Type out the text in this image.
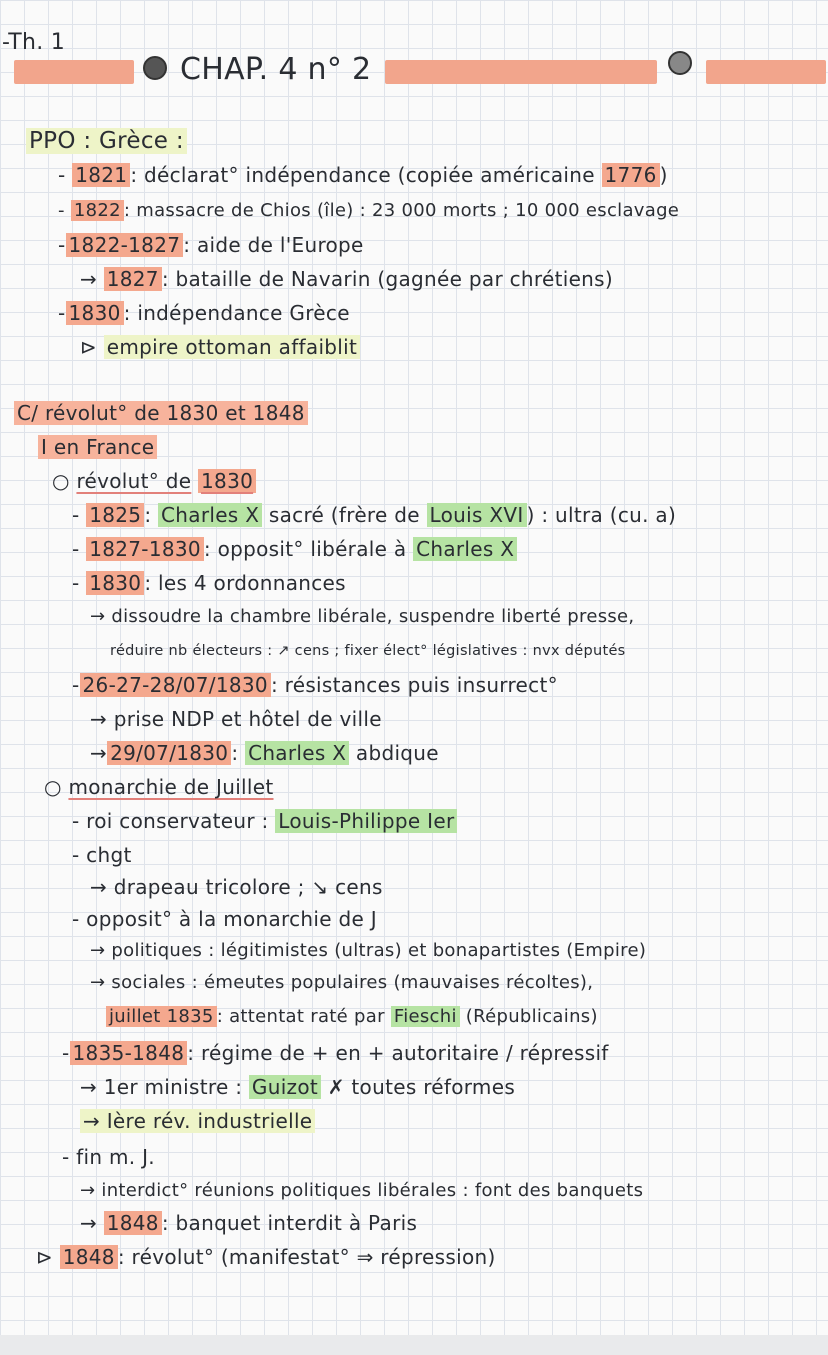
-Th. 1
CHAP. 4 n° 2
PPO : Grèce :
- 1821 : déclarat° indépendance (copiée américaine 1776 )
- 1822 : massacre de Chios (île) : 23 000 morts ; 10 000 esclavage
- 1822-1827 : aide de l'Europe
→ 1827 : bataille de Navarin (gagnée par chrétiens)
- 1830 : indépendance Grèce
⊳ empire ottoman affaiblit
C/ révolut° de 1830 et 1848
I en France
○ révolut° de 1830
- 1825 : Charles X sacré (frère de Louis XVI ) : ultra (cu. a)
- 1827-1830 : opposit° libérale à Charles X
- 1830 : les 4 ordonnances
→ dissoudre la chambre libérale, suspendre liberté presse,
réduire nb électeurs : ↗ cens ; fixer élect° législatives : nvx députés
- 26-27-28/07/1830 : résistances puis insurrect°
→ prise NDP et hôtel de ville
→ 29/07/1830 : Charles X abdique
○ monarchie de Juillet
- roi conservateur : Louis-Philippe Ier
- chgt
→ drapeau tricolore ; ↘ cens
- opposit° à la monarchie de J
→ politiques : légitimistes (ultras) et bonapartistes (Empire)
→ sociales : émeutes populaires (mauvaises récoltes),
juillet 1835 : attentat raté par Fieschi (Républicains)
- 1835-1848 : régime de + en + autoritaire / répressif
→ 1er ministre : Guizot ✗ toutes réformes
→ Ière rév. industrielle
- fin m. J.
→ interdict° réunions politiques libérales : font des banquets
→ 1848 : banquet interdit à Paris
⊳ 1848 : révolut° (manifestat° ⇒ répression)
